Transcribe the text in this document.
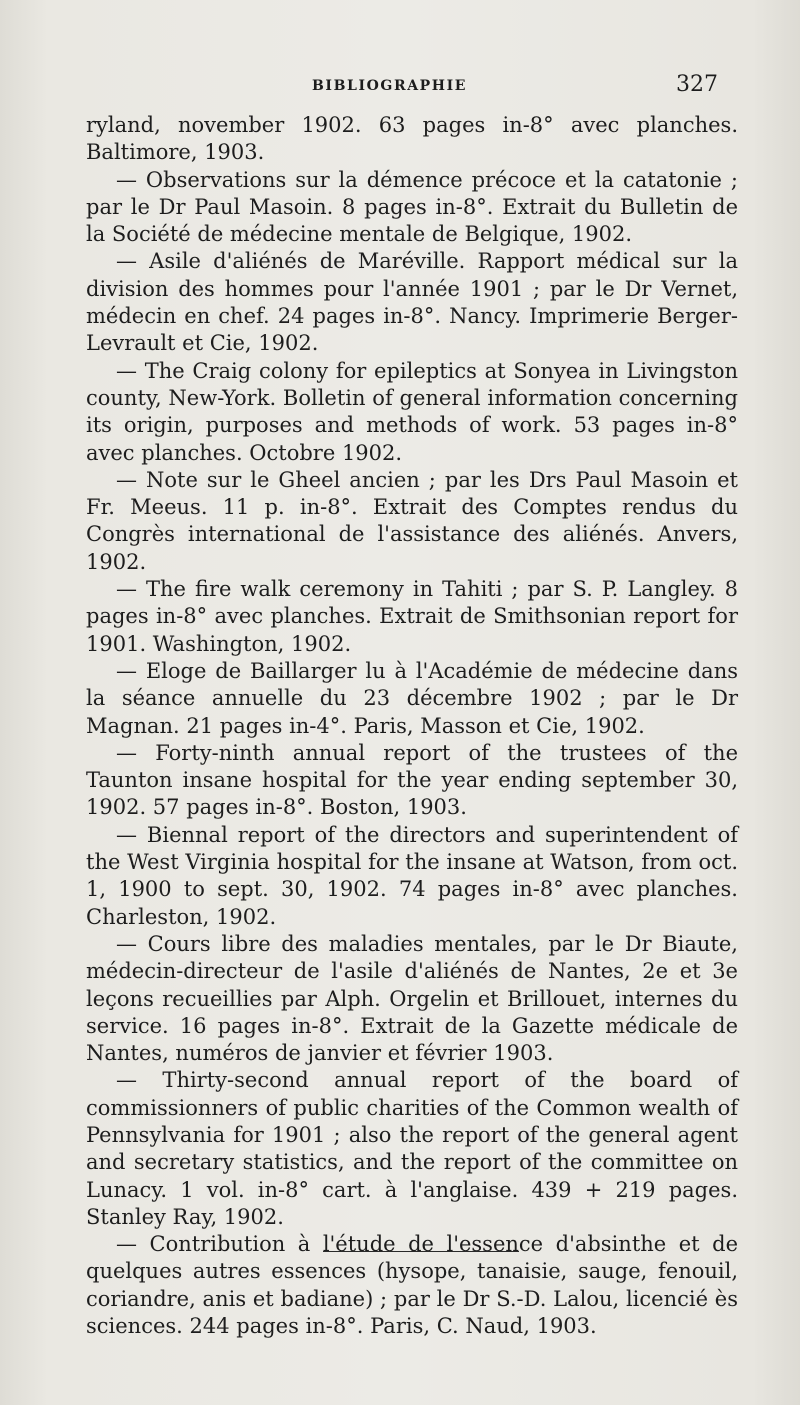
BIBLIOGRAPHIE	327

ryland, november 1902. 63 pages in-8° avec planches. Baltimore, 1903.

— Observations sur la démence précoce et la catatonie ; par le Dr Paul Masoin. 8 pages in-8°. Extrait du Bulletin de la Société de médecine mentale de Belgique, 1902.

— Asile d'aliénés de Maréville. Rapport médical sur la division des hommes pour l'année 1901 ; par le Dr Vernet, médecin en chef. 24 pages in-8°. Nancy. Imprimerie Berger-Levrault et Cie, 1902.

— The Craig colony for epileptics at Sonyea in Livingston county, New-York. Bolletin of general information concerning its origin, purposes and methods of work. 53 pages in-8° avec planches. Octobre 1902.

— Note sur le Gheel ancien ; par les Drs Paul Masoin et Fr. Meeus. 11 p. in-8°. Extrait des Comptes rendus du Congrès international de l'assistance des aliénés. Anvers, 1902.

— The fire walk ceremony in Tahiti ; par S. P. Langley. 8 pages in-8° avec planches. Extrait de Smithsonian report for 1901. Washington, 1902.

— Eloge de Baillarger lu à l'Académie de médecine dans la séance annuelle du 23 décembre 1902 ; par le Dr Magnan. 21 pages in-4°. Paris, Masson et Cie, 1902.

— Forty-ninth annual report of the trustees of the Taunton insane hospital for the year ending september 30, 1902. 57 pages in-8°. Boston, 1903.

— Biennal report of the directors and superintendent of the West Virginia hospital for the insane at Watson, from oct. 1, 1900 to sept. 30, 1902. 74 pages in-8° avec planches. Charleston, 1902.

— Cours libre des maladies mentales, par le Dr Biaute, médecin-directeur de l'asile d'aliénés de Nantes, 2e et 3e leçons recueillies par Alph. Orgelin et Brillouet, internes du service. 16 pages in-8°. Extrait de la Gazette médicale de Nantes, numéros de janvier et février 1903.

— Thirty-second annual report of the board of commissionners of public charities of the Common wealth of Pennsylvania for 1901 ; also the report of the general agent and secretary statistics, and the report of the committee on Lunacy. 1 vol. in-8° cart. à l'anglaise. 439 + 219 pages. Stanley Ray, 1902.

— Contribution à l'étude de l'essence d'absinthe et de quelques autres essences (hysope, tanaisie, sauge, fenouil, coriandre, anis et badiane) ; par le Dr S.-D. Lalou, licencié ès sciences. 244 pages in-8°. Paris, C. Naud, 1903.
